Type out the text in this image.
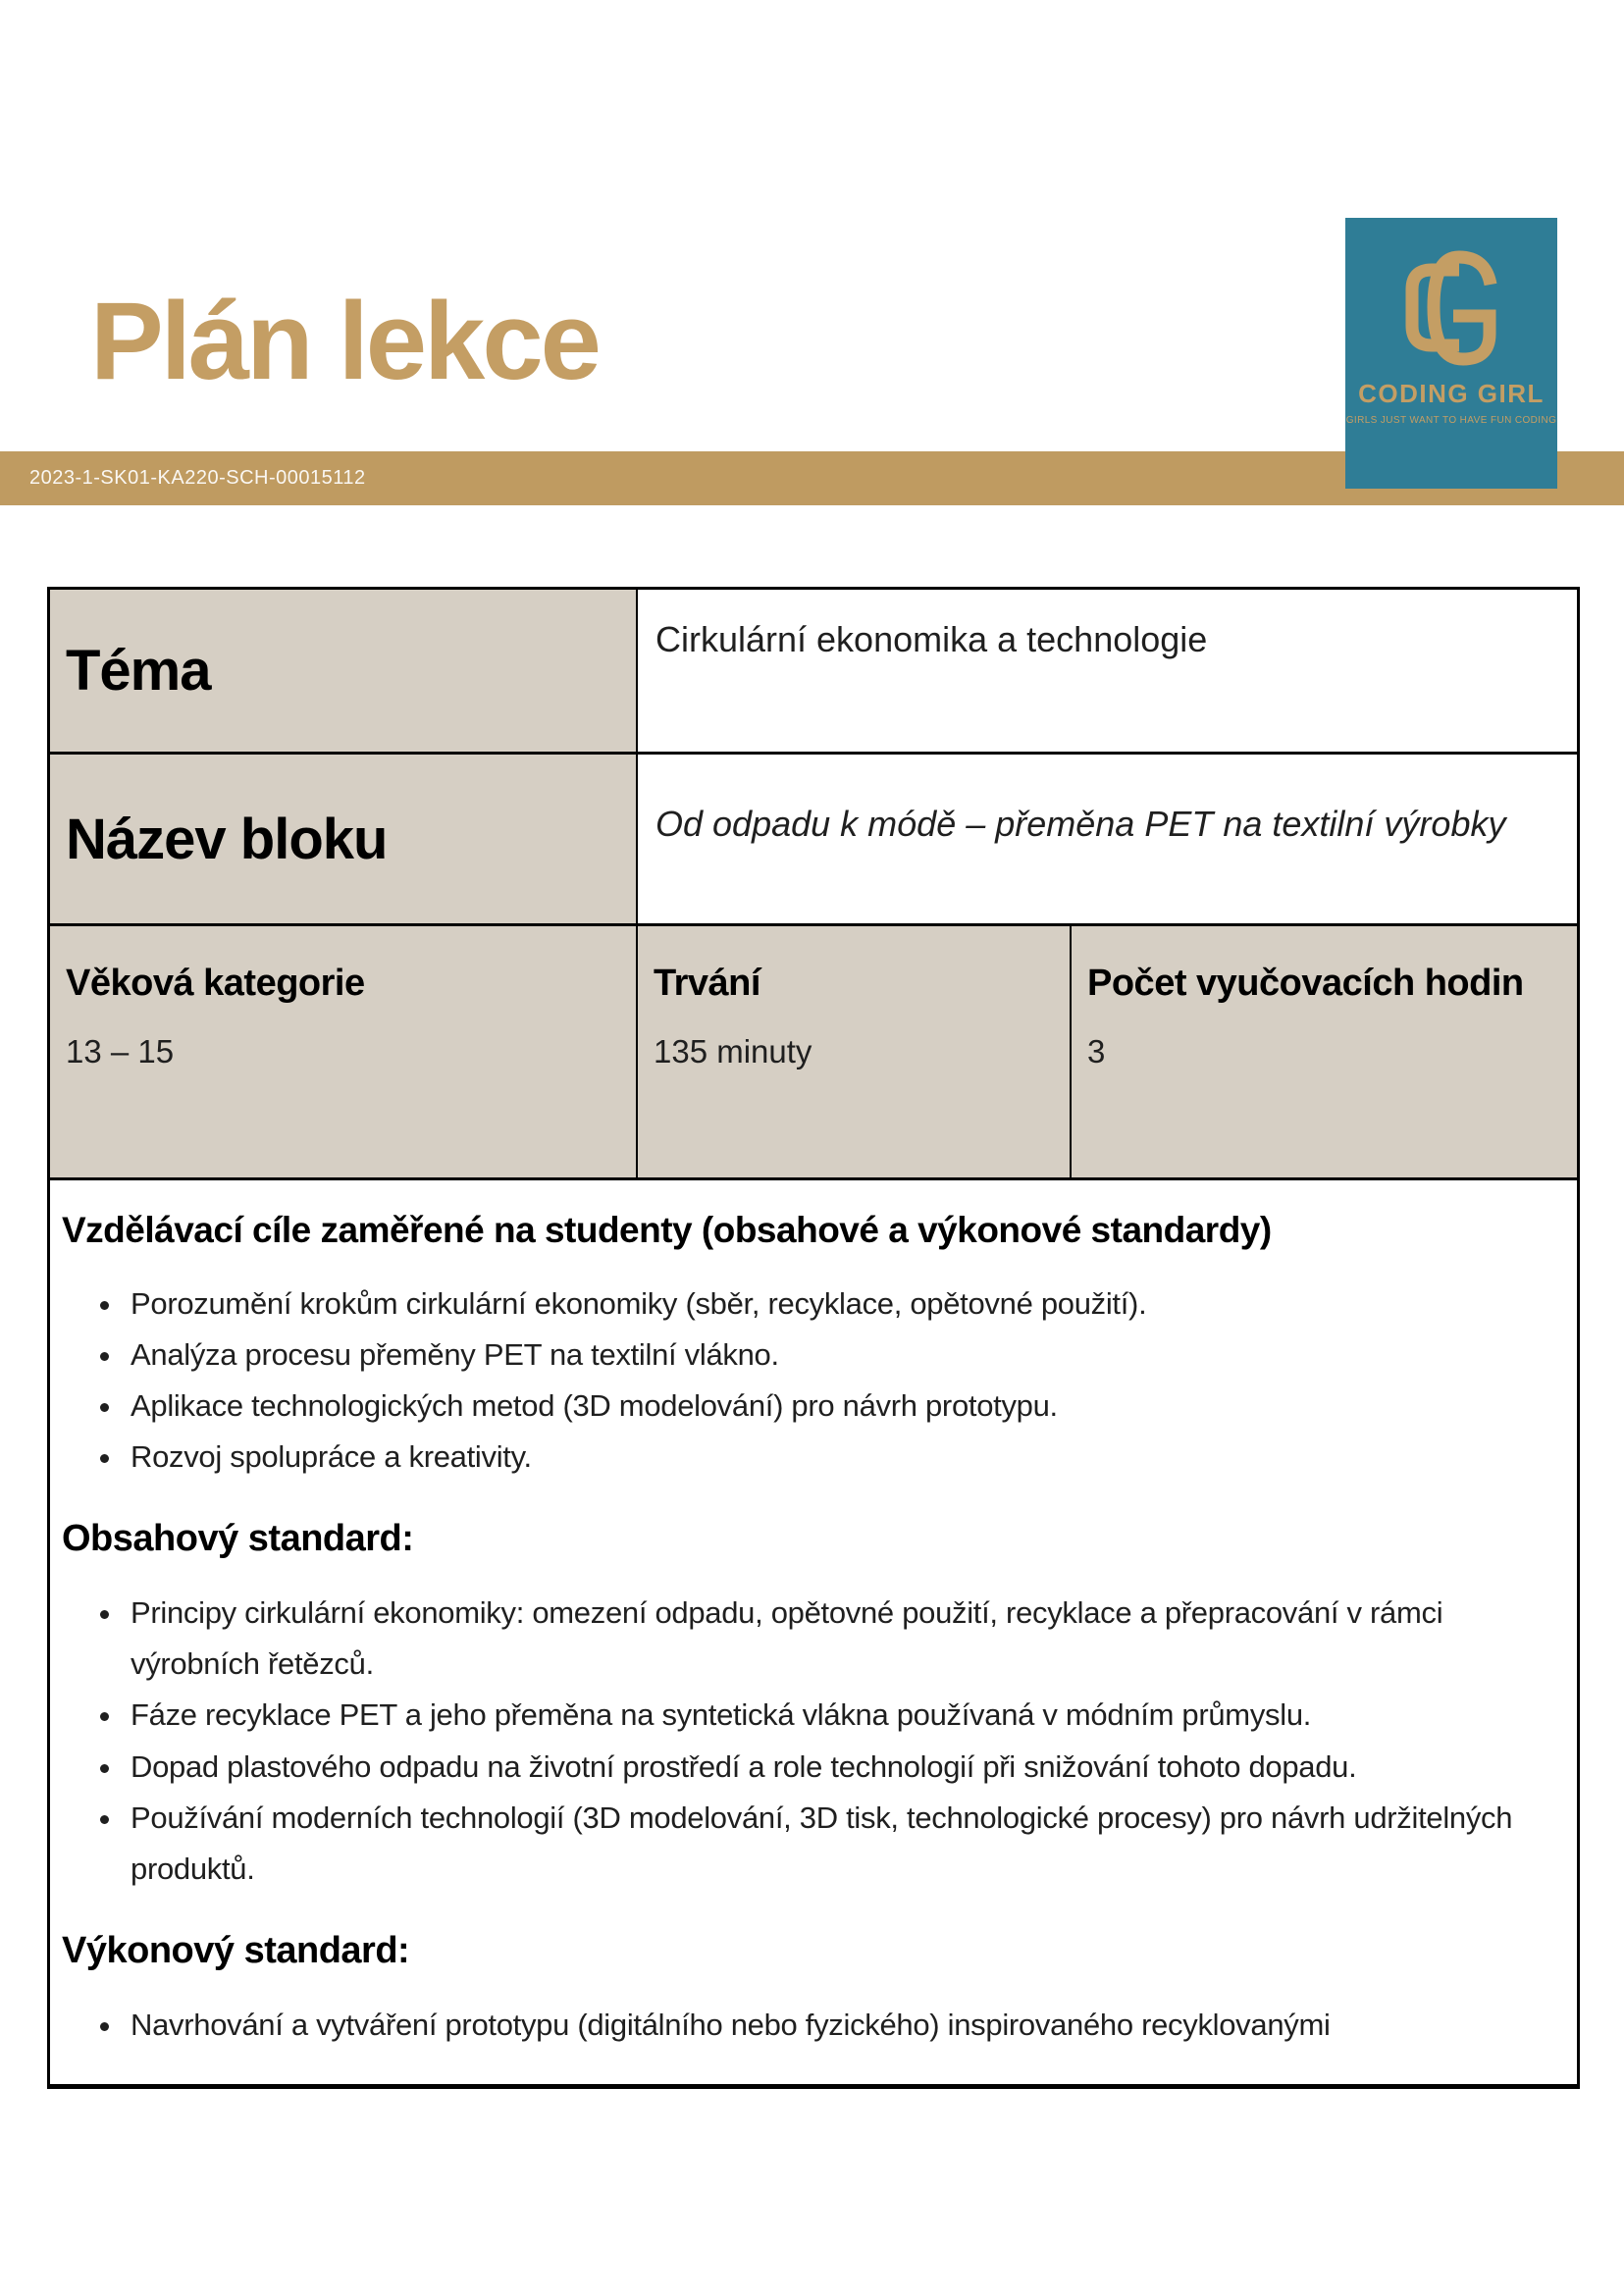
Plán lekce
2023-1-SK01-KA220-SCH-00015112
CODING GIRL
GIRLS JUST WANT TO HAVE FUN CODING
Téma	Cirkulární ekonomika a technologie
Název bloku	Od odpadu k módě – přeměna PET na textilní výrobky
Věková kategorie
13 – 15
Trvání
135 minuty
Počet vyučovacích hodin
3
Vzdělávací cíle zaměřené na studenty (obsahové a výkonové standardy)
• Porozumění krokům cirkulární ekonomiky (sběr, recyklace, opětovné použití).
• Analýza procesu přeměny PET na textilní vlákno.
• Aplikace technologických metod (3D modelování) pro návrh prototypu.
• Rozvoj spolupráce a kreativity.
Obsahový standard:
• Principy cirkulární ekonomiky: omezení odpadu, opětovné použití, recyklace a přepracování v rámci výrobních řetězců.
• Fáze recyklace PET a jeho přeměna na syntetická vlákna používaná v módním průmyslu.
• Dopad plastového odpadu na životní prostředí a role technologií při snižování tohoto dopadu.
• Používání moderních technologií (3D modelování, 3D tisk, technologické procesy) pro návrh udržitelných produktů.
Výkonový standard:
• Navrhování a vytváření prototypu (digitálního nebo fyzického) inspirovaného recyklovanými
